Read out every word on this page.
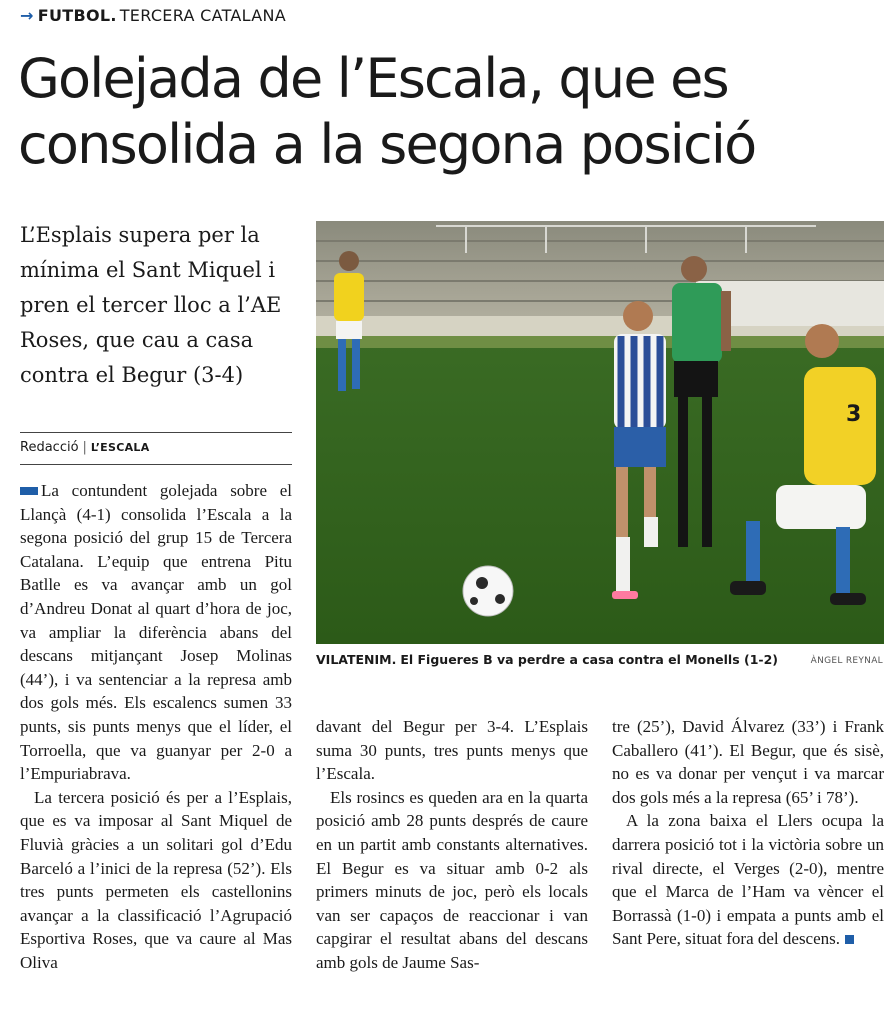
→ FUTBOL. TERCERA CATALANA
Golejada de l’Escala, que es
consolida a la segona posició
L’Esplais supera per la
mínima el Sant Miquel i
pren el tercer lloc a l’AE
Roses, que cau a casa
contra el Begur (3-4)
Redacció | L’ESCALA

La contundent golejada sobre el Llançà (4-1) consolida l’Escala a la segona posició del grup 15 de Tercera Catalana. L’equip que entrena Pitu Batlle es va avançar amb un gol d’Andreu Donat al quart d’hora de joc, va ampliar la diferència abans del descans mitjançant Josep Molinas (44’), i va sentenciar a la represa amb dos gols més. Els escalencs sumen 33 punts, sis punts menys que el líder, el Torroella, que va guanyar per 2-0 a l’Empuriabrava.

La tercera posició és per a l’Esplais, que es va imposar al Sant Miquel de Fluvià gràcies a un solitari gol d’Edu Barceló a l’inici de la represa (52’). Els tres punts permeten els castellonins avançar a la classificació l’Agrupació Esportiva Roses, que va caure al Mas Oliva

3
VILATENIM. El Figueres B va perdre a casa contra el Monells (1-2)	ÀNGEL REYNAL

davant del Begur per 3-4. L’Esplais suma 30 punts, tres punts menys que l’Escala.

Els rosincs es queden ara en la quarta posició amb 28 punts després de caure en un partit amb constants alternatives. El Begur es va situar amb 0-2 als primers minuts de joc, però els locals van ser capaços de reaccionar i van capgirar el resultat abans del descans amb gols de Jaume Sas-

tre (25’), David Álvarez (33’) i Frank Caballero (41’). El Begur, que és sisè, no es va donar per vençut i va marcar dos gols més a la represa (65’ i 78’).

A la zona baixa el Llers ocupa la darrera posició tot i la victòria sobre un rival directe, el Verges (2-0), mentre que el Marca de l’Ham va vèncer el Borrassà (1-0) i empata a punts amb el Sant Pere, situat fora del descens.
